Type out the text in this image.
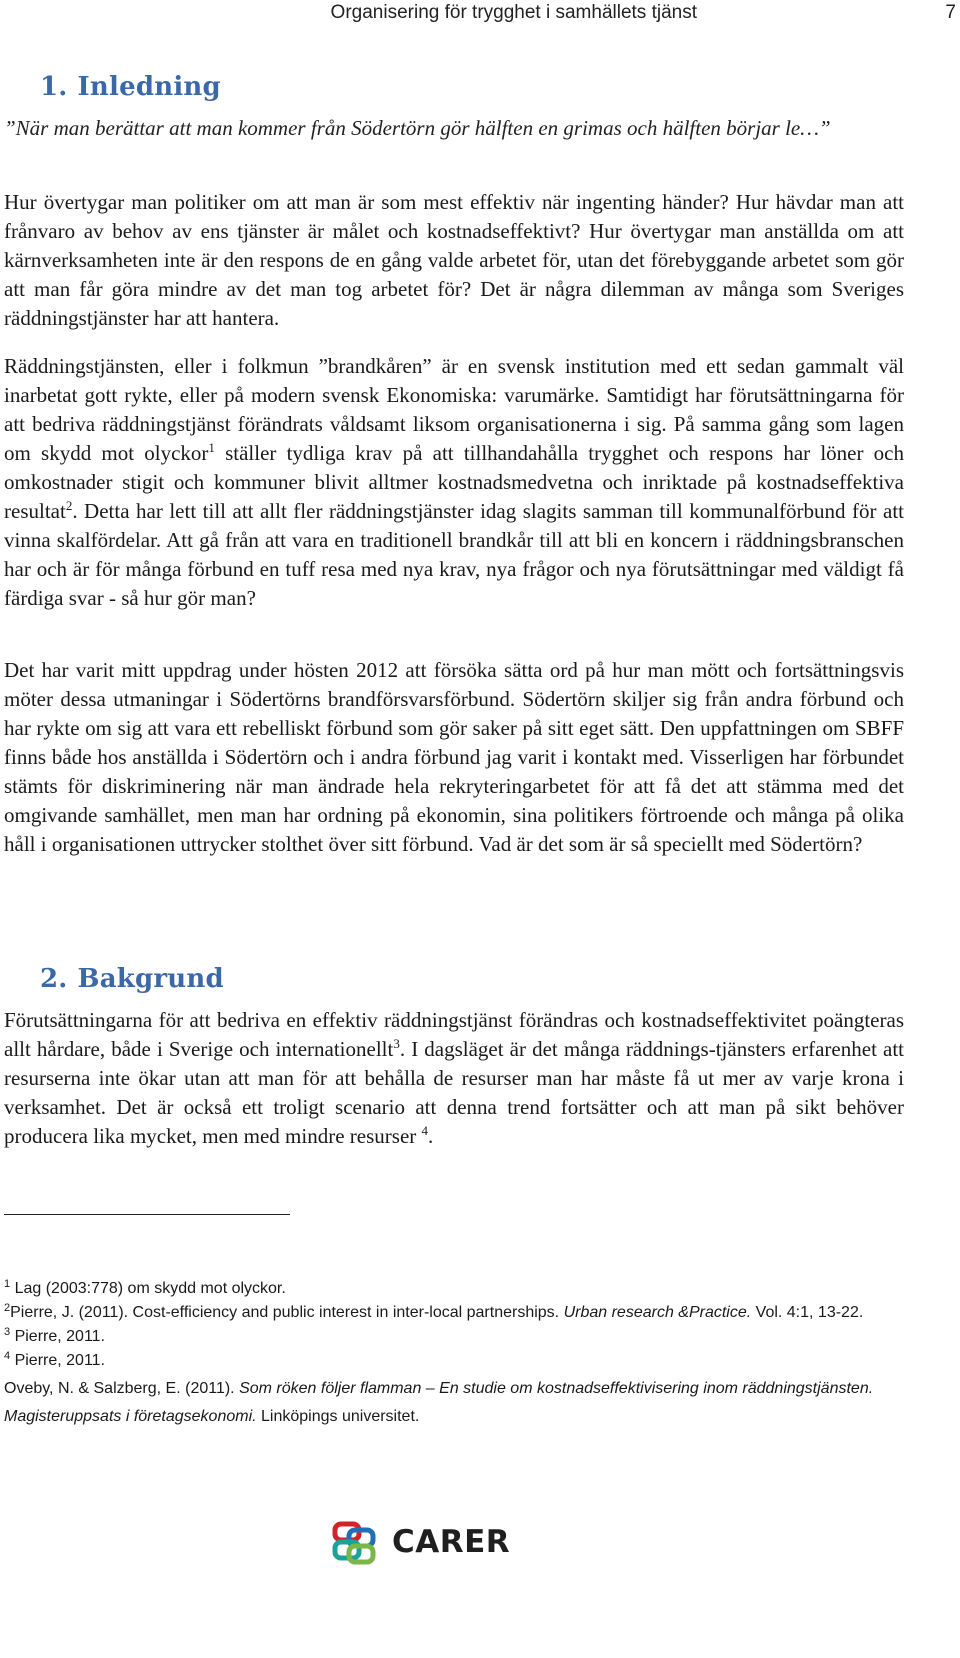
Organisering för trygghet i samhällets tjänst	7
1. Inledning
”När man berättar att man kommer från Södertörn gör hälften en grimas och hälften börjar le…”

Hur övertygar man politiker om att man är som mest effektiv när ingenting händer? Hur hävdar man att frånvaro av behov av ens tjänster är målet och kostnadseffektivt? Hur övertygar man anställda om att kärnverksamheten inte är den respons de en gång valde arbetet för, utan det förebyggande arbetet som gör att man får göra mindre av det man tog arbetet för? Det är några dilemman av många som Sveriges räddningstjänster har att hantera.

Räddningstjänsten, eller i folkmun ”brandkåren” är en svensk institution med ett sedan gammalt väl inarbetat gott rykte, eller på modern svensk Ekonomiska: varumärke. Samtidigt har förutsättningarna för att bedriva räddningstjänst förändrats våldsamt liksom organisationerna i sig. På samma gång som lagen om skydd mot olyckor$^1$ ställer tydliga krav på att tillhandahålla trygghet och respons har löner och omkostnader stigit och kommuner blivit alltmer kostnadsmedvetna och inriktade på kostnadseffektiva resultat$^2$. Detta har lett till att allt fler räddningstjänster idag slagits samman till kommunalförbund för att vinna skalfördelar. Att gå från att vara en traditionell brandkår till att bli en koncern i räddningsbranschen har och är för många förbund en tuff resa med nya krav, nya frågor och nya förutsättningar med väldigt få färdiga svar - så hur gör man?

Det har varit mitt uppdrag under hösten 2012 att försöka sätta ord på hur man mött och fortsättningsvis möter dessa utmaningar i Södertörns brandförsvarsförbund. Södertörn skiljer sig från andra förbund och har rykte om sig att vara ett rebelliskt förbund som gör saker på sitt eget sätt. Den uppfattningen om SBFF finns både hos anställda i Södertörn och i andra förbund jag varit i kontakt med. Visserligen har förbundet stämts för diskriminering när man ändrade hela rekryteringarbetet för att få det att stämma med det omgivande samhället, men man har ordning på ekonomin, sina politikers förtroende och många på olika håll i organisationen uttrycker stolthet över sitt förbund. Vad är det som är så speciellt med Södertörn?

2. Bakgrund

Förutsättningarna för att bedriva en effektiv räddningstjänst förändras och kostnadseffektivitet poängteras allt hårdare, både i Sverige och internationellt$^3$. I dagsläget är det många räddnings-tjänsters erfarenhet att resurserna inte ökar utan att man för att behålla de resurser man har måste få ut mer av varje krona i verksamhet. Det är också ett troligt scenario att denna trend fortsätter och att man på sikt behöver producera lika mycket, men med mindre resurser $^4$.

$^1$ Lag (2003:778) om skydd mot olyckor.
$^2$Pierre, J. (2011). Cost-efficiency and public interest in inter-local partnerships. Urban research &Practice. Vol. 4:1, 13-22.
$^3$ Pierre, 2011.
$^4$ Pierre, 2011.
Oveby, N. & Salzberg, E. (2011). Som röken följer flamman – En studie om kostnadseffektivisering inom räddningstjänsten. Magisteruppsats i företagsekonomi. Linköpings universitet.
CARER
